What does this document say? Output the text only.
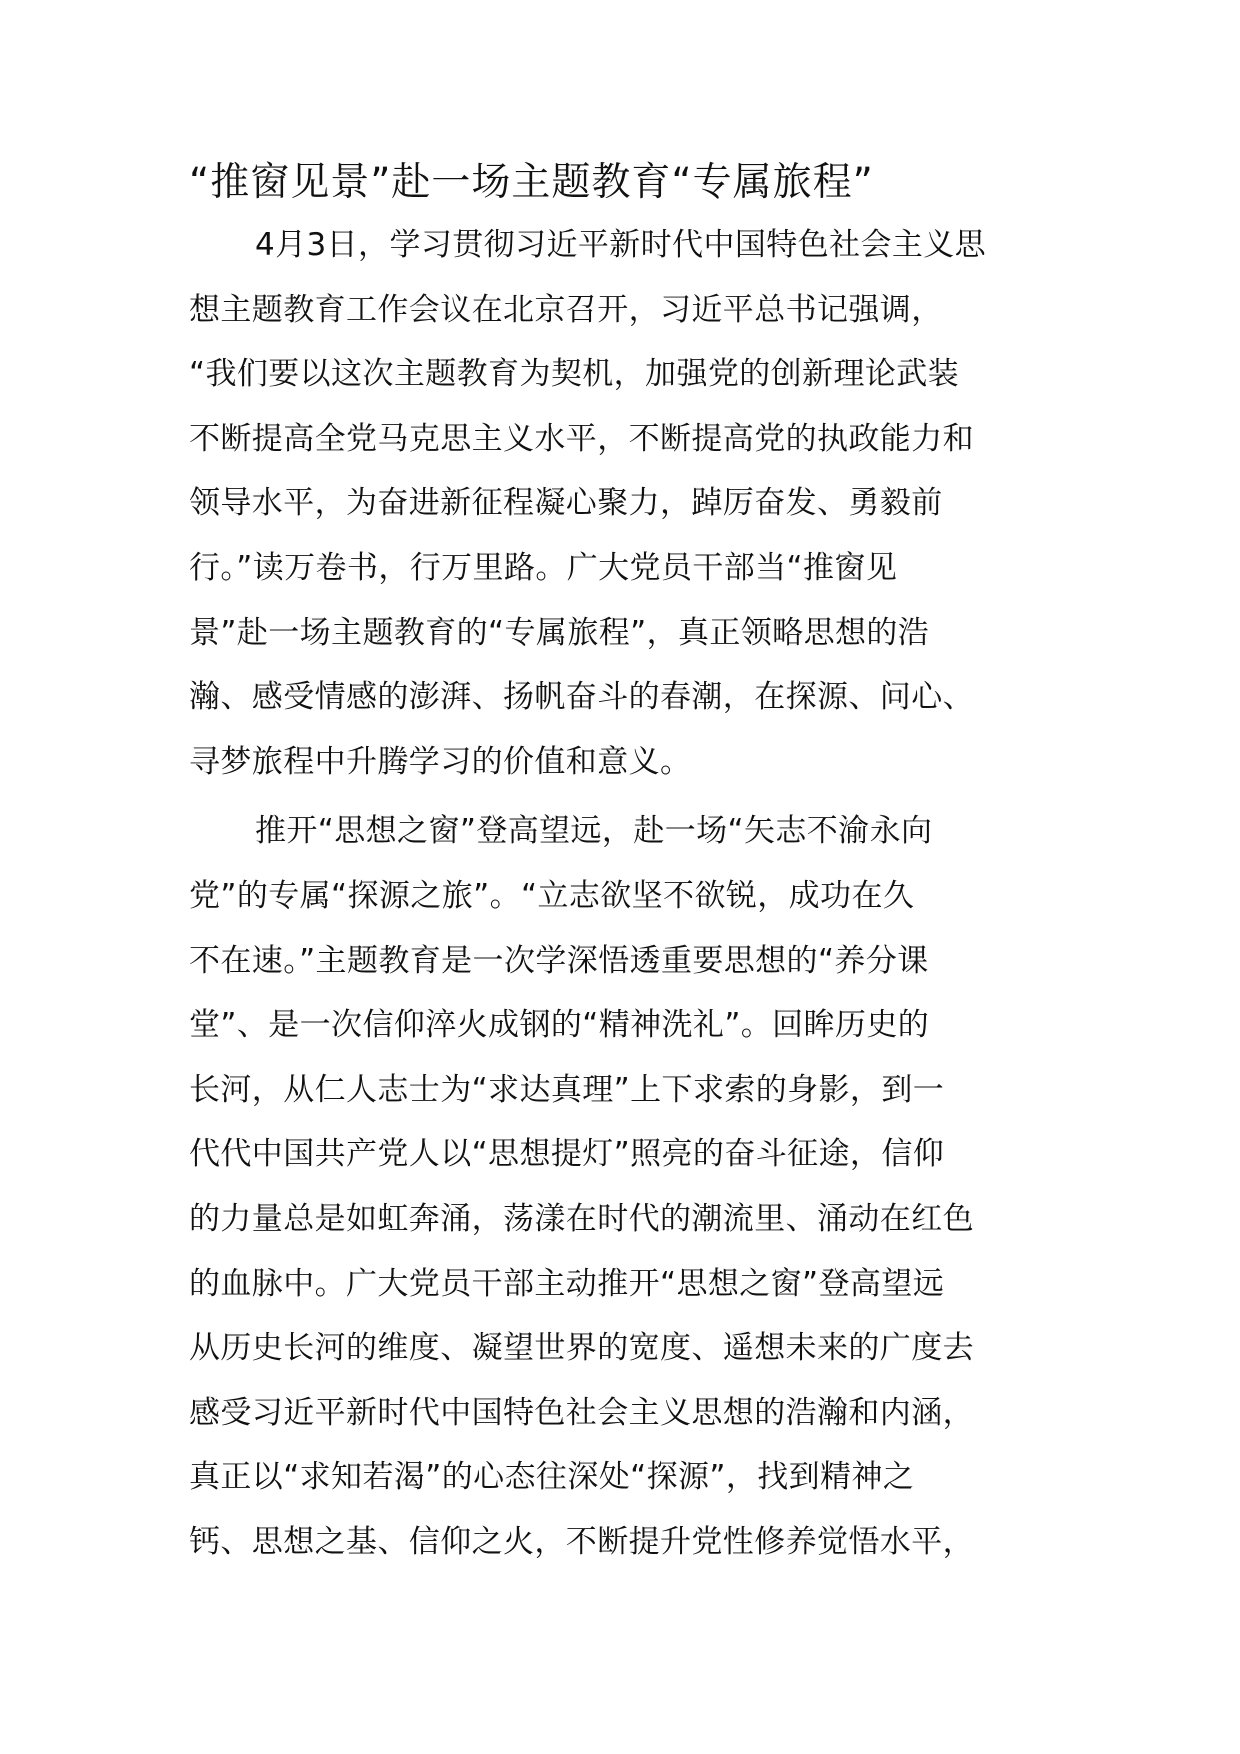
“推窗见景”赴一场主题教育“专属旅程”

4月3日，学习贯彻习近平新时代中国特色社会主义思
想主题教育工作会议在北京召开，习近平总书记强调，
“我们要以这次主题教育为契机，加强党的创新理论武装
不断提高全党马克思主义水平，不断提高党的执政能力和
领导水平，为奋进新征程凝心聚力，踔厉奋发、勇毅前
行。”读万卷书，行万里路。广大党员干部当“推窗见
景”赴一场主题教育的“专属旅程”，真正领略思想的浩
瀚、感受情感的澎湃、扬帆奋斗的春潮，在探源、问心、
寻梦旅程中升腾学习的价值和意义。

推开“思想之窗”登高望远，赴一场“矢志不渝永向
党”的专属“探源之旅”。“立志欲坚不欲锐，成功在久
不在速。”主题教育是一次学深悟透重要思想的“养分课
堂”、是一次信仰淬火成钢的“精神洗礼”。回眸历史的
长河，从仁人志士为“求达真理”上下求索的身影，到一
代代中国共产党人以“思想提灯”照亮的奋斗征途，信仰
的力量总是如虹奔涌，荡漾在时代的潮流里、涌动在红色
的血脉中。广大党员干部主动推开“思想之窗”登高望远
从历史长河的维度、凝望世界的宽度、遥想未来的广度去
感受习近平新时代中国特色社会主义思想的浩瀚和内涵，
真正以“求知若渴”的心态往深处“探源”，找到精神之
钙、思想之基、信仰之火，不断提升党性修养觉悟水平，
